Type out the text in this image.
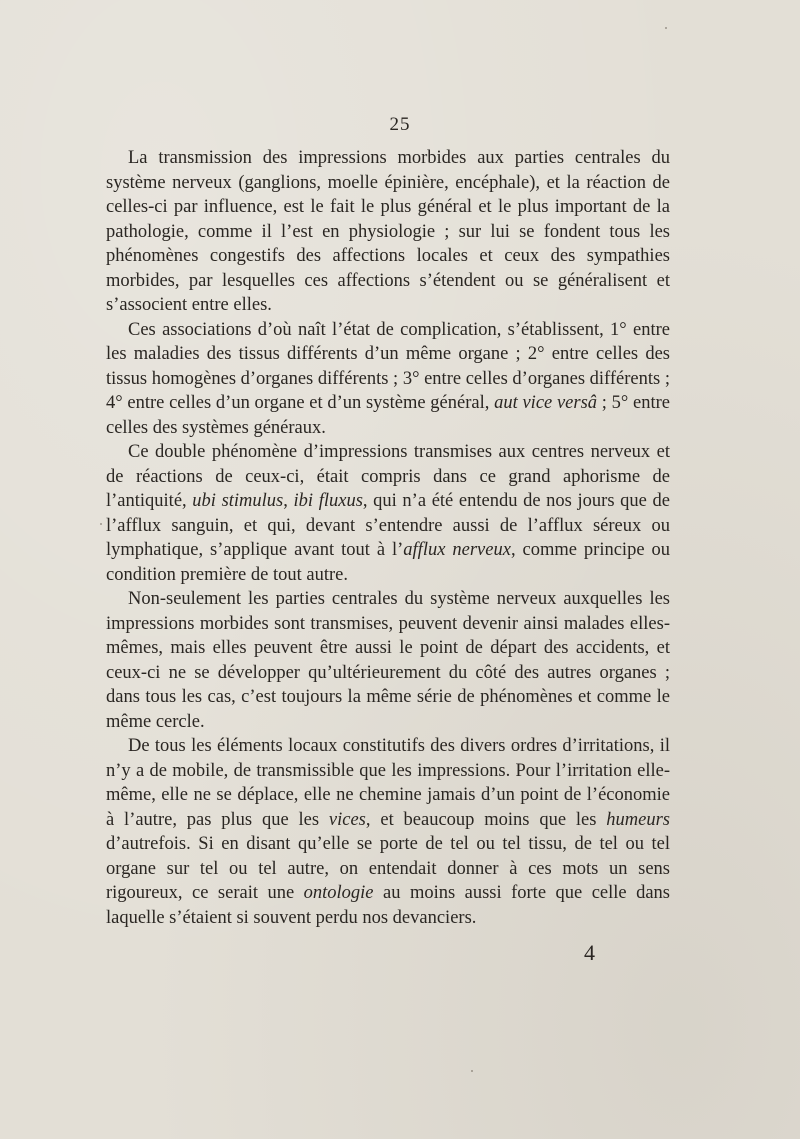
25

La transmission des impressions morbides aux parties centrales du système nerveux (ganglions, moelle épinière, encéphale), et la réaction de celles-ci par influence, est le fait le plus général et le plus important de la pathologie, comme il l’est en physiologie ; sur lui se fondent tous les phénomènes congestifs des affections locales et ceux des sympathies morbides, par lesquelles ces affections s’étendent ou se généralisent et s’associent entre elles.

Ces associations d’où naît l’état de complication, s’établissent, 1° entre les maladies des tissus différents d’un même organe ; 2° entre celles des tissus homogènes d’organes différents ; 3° entre celles d’organes différents ; 4° entre celles d’un organe et d’un système général, aut vice versâ ; 5° entre celles des systèmes généraux.

Ce double phénomène d’impressions transmises aux centres nerveux et de réactions de ceux-ci, était compris dans ce grand aphorisme de l’antiquité, ubi stimulus, ibi fluxus, qui n’a été entendu de nos jours que de l’afflux sanguin, et qui, devant s’entendre aussi de l’afflux séreux ou lymphatique, s’applique avant tout à l’afflux nerveux, comme principe ou condition première de tout autre.

Non-seulement les parties centrales du système nerveux auxquelles les impressions morbides sont transmises, peuvent devenir ainsi malades elles-mêmes, mais elles peuvent être aussi le point de départ des accidents, et ceux-ci ne se développer qu’ultérieurement du côté des autres organes ; dans tous les cas, c’est toujours la même série de phénomènes et comme le même cercle.

De tous les éléments locaux constitutifs des divers ordres d’irritations, il n’y a de mobile, de transmissible que les impressions. Pour l’irritation elle-même, elle ne se déplace, elle ne chemine jamais d’un point de l’économie à l’autre, pas plus que les vices, et beaucoup moins que les humeurs d’autrefois. Si en disant qu’elle se porte de tel ou tel tissu, de tel ou tel organe sur tel ou tel autre, on entendait donner à ces mots un sens rigoureux, ce serait une ontologie au moins aussi forte que celle dans laquelle s’étaient si souvent perdu nos devanciers.

4
